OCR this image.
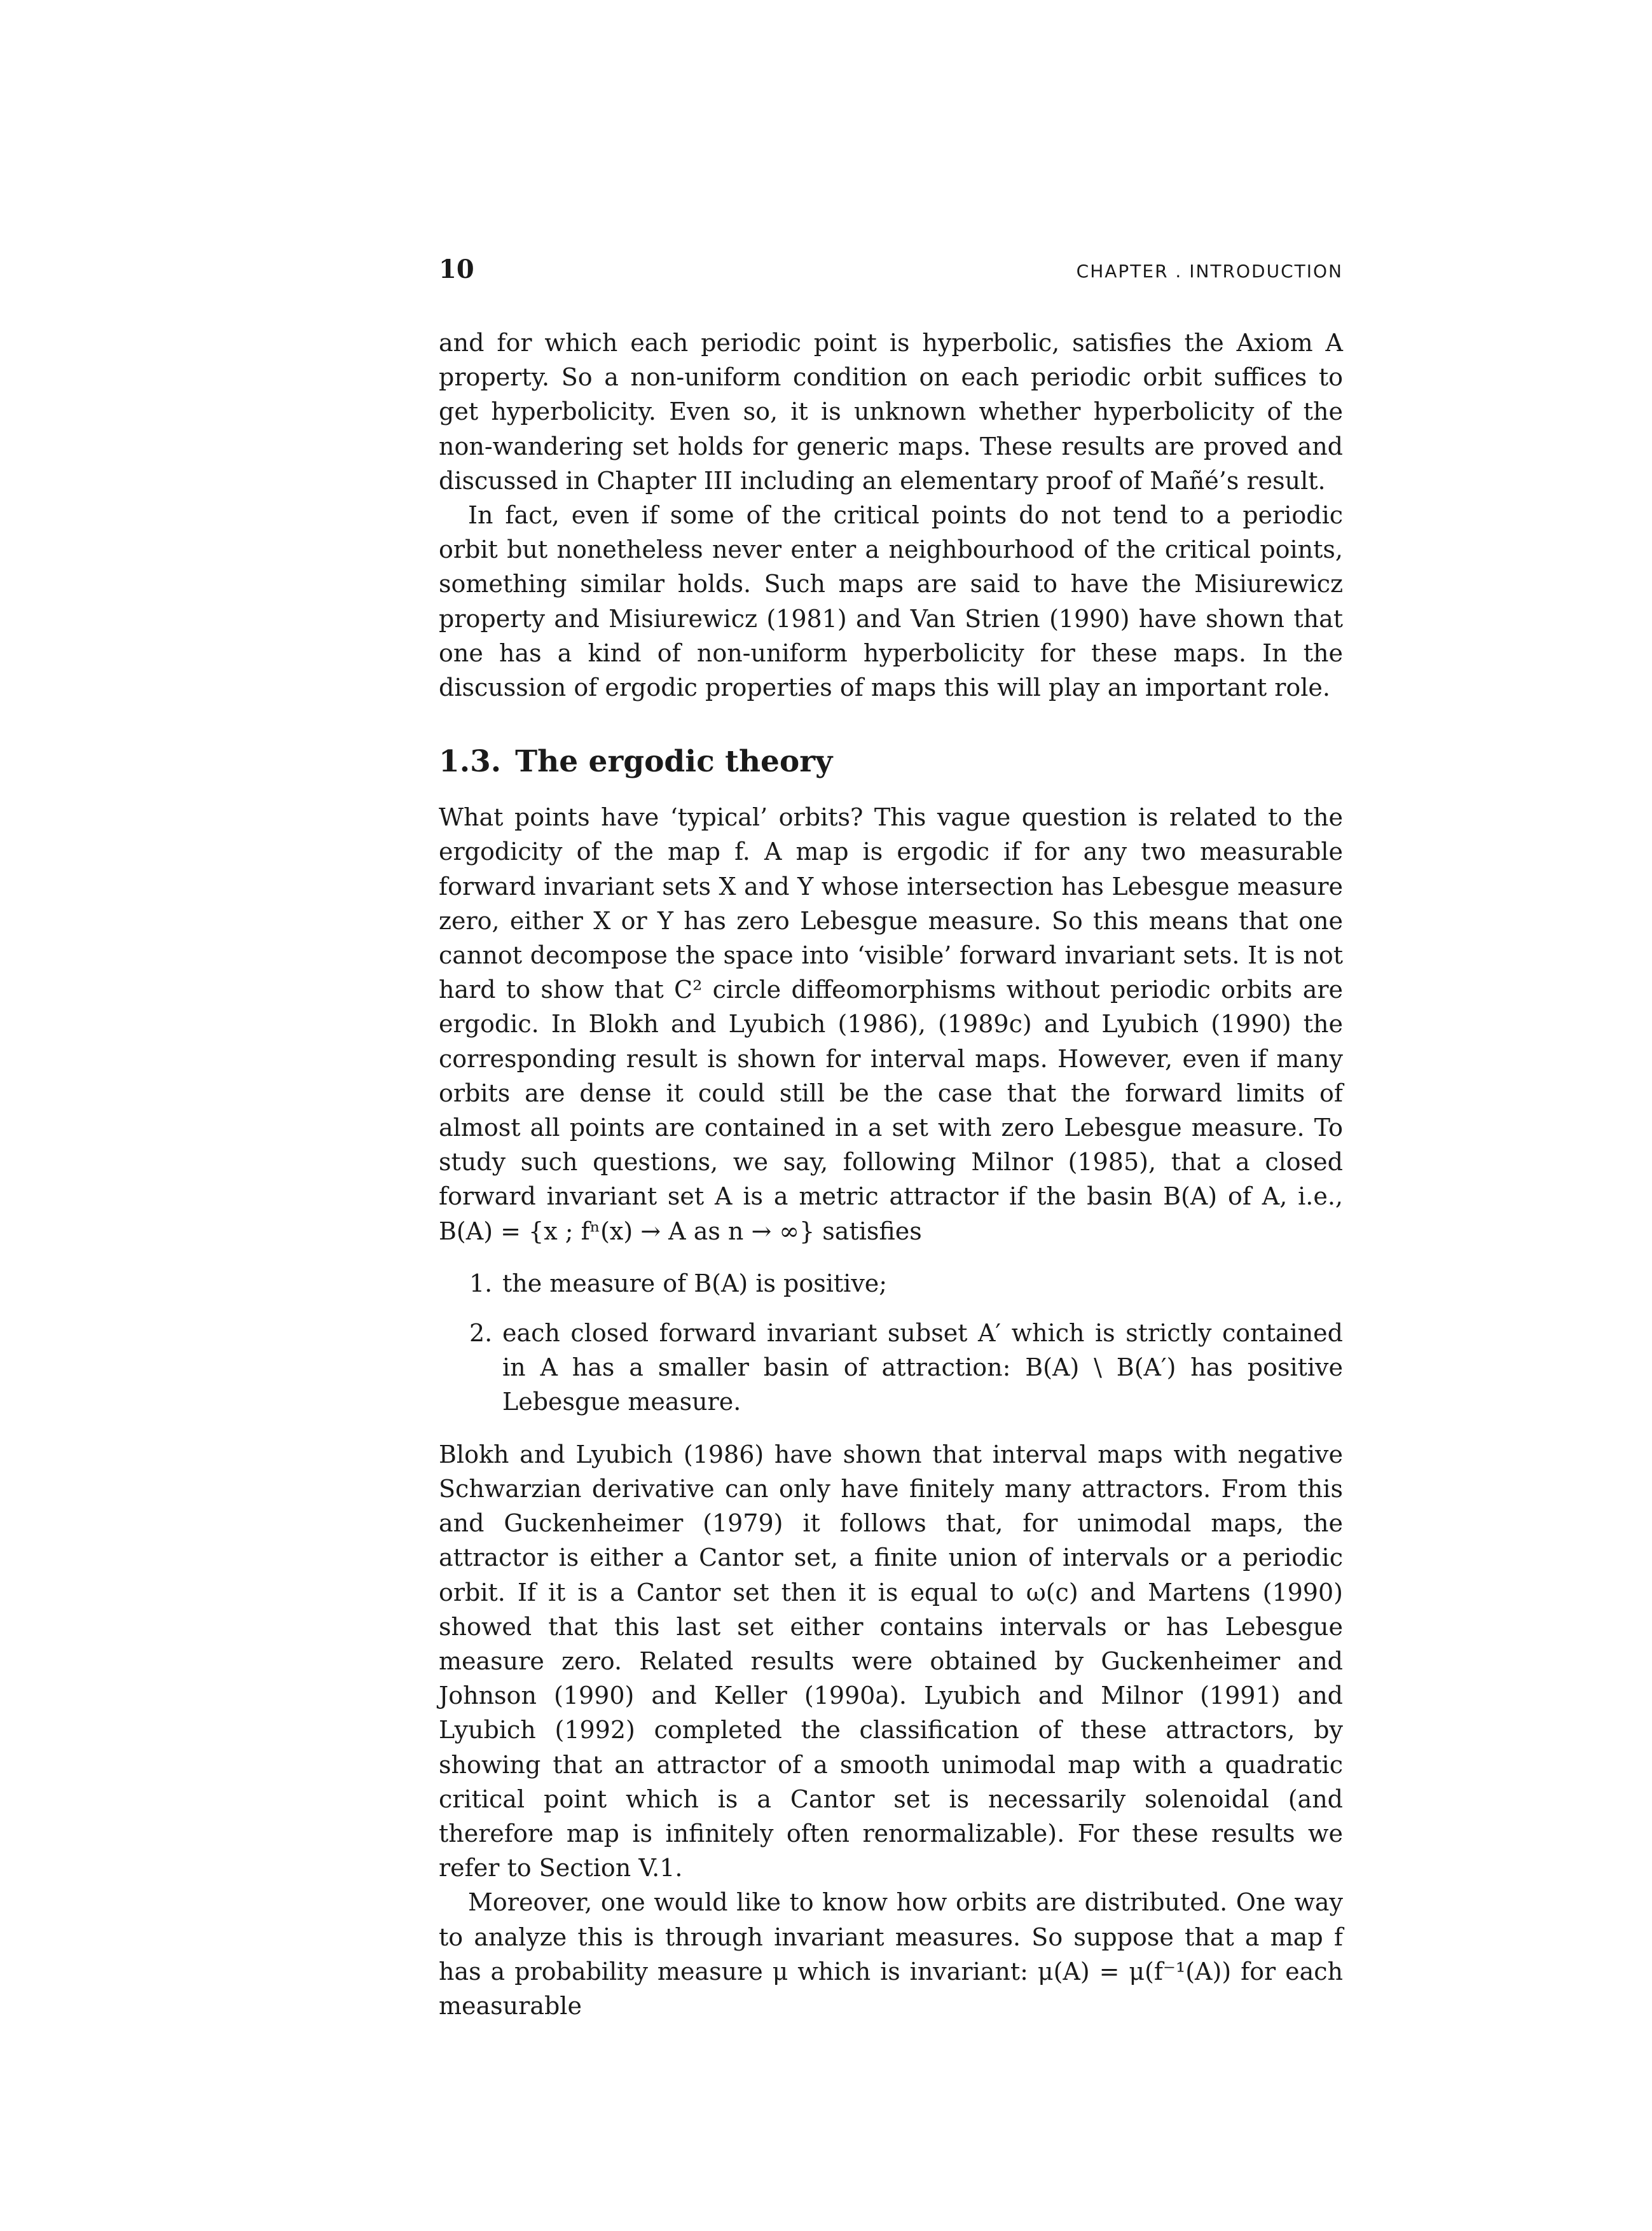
10	CHAPTER . INTRODUCTION

and for which each periodic point is hyperbolic, satisfies the Axiom A property. So a non-uniform condition on each periodic orbit suffices to get hyperbolicity. Even so, it is unknown whether hyperbolicity of the non-wandering set holds for generic maps. These results are proved and discussed in Chapter III including an elementary proof of Mañé’s result.

In fact, even if some of the critical points do not tend to a periodic orbit but nonetheless never enter a neighbourhood of the critical points, something similar holds. Such maps are said to have the Misiurewicz property and Misiurewicz (1981) and Van Strien (1990) have shown that one has a kind of non-uniform hyperbolicity for these maps. In the discussion of ergodic properties of maps this will play an important role.

1.3. The ergodic theory

What points have ‘typical’ orbits? This vague question is related to the ergodicity of the map f. A map is ergodic if for any two measurable forward invariant sets X and Y whose intersection has Lebesgue measure zero, either X or Y has zero Lebesgue measure. So this means that one cannot decompose the space into ‘visible’ forward invariant sets. It is not hard to show that C² circle diffeomorphisms without periodic orbits are ergodic. In Blokh and Lyubich (1986), (1989c) and Lyubich (1990) the corresponding result is shown for interval maps. However, even if many orbits are dense it could still be the case that the forward limits of almost all points are contained in a set with zero Lebesgue measure. To study such questions, we say, following Milnor (1985), that a closed forward invariant set A is a metric attractor if the basin B(A) of A, i.e., B(A) = {x ; fⁿ(x) → A as n → ∞} satisfies

1. the measure of B(A) is positive;
2. each closed forward invariant subset A′ which is strictly contained in A has a smaller basin of attraction: B(A) \ B(A′) has positive Lebesgue measure.

Blokh and Lyubich (1986) have shown that interval maps with negative Schwarzian derivative can only have finitely many attractors. From this and Guckenheimer (1979) it follows that, for unimodal maps, the attractor is either a Cantor set, a finite union of intervals or a periodic orbit. If it is a Cantor set then it is equal to ω(c) and Martens (1990) showed that this last set either contains intervals or has Lebesgue measure zero. Related results were obtained by Guckenheimer and Johnson (1990) and Keller (1990a). Lyubich and Milnor (1991) and Lyubich (1992) completed the classification of these attractors, by showing that an attractor of a smooth unimodal map with a quadratic critical point which is a Cantor set is necessarily solenoidal (and therefore map is infinitely often renormalizable). For these results we refer to Section V.1.

Moreover, one would like to know how orbits are distributed. One way to analyze this is through invariant measures. So suppose that a map f has a probability measure μ which is invariant: μ(A) = μ(f⁻¹(A)) for each measurable
